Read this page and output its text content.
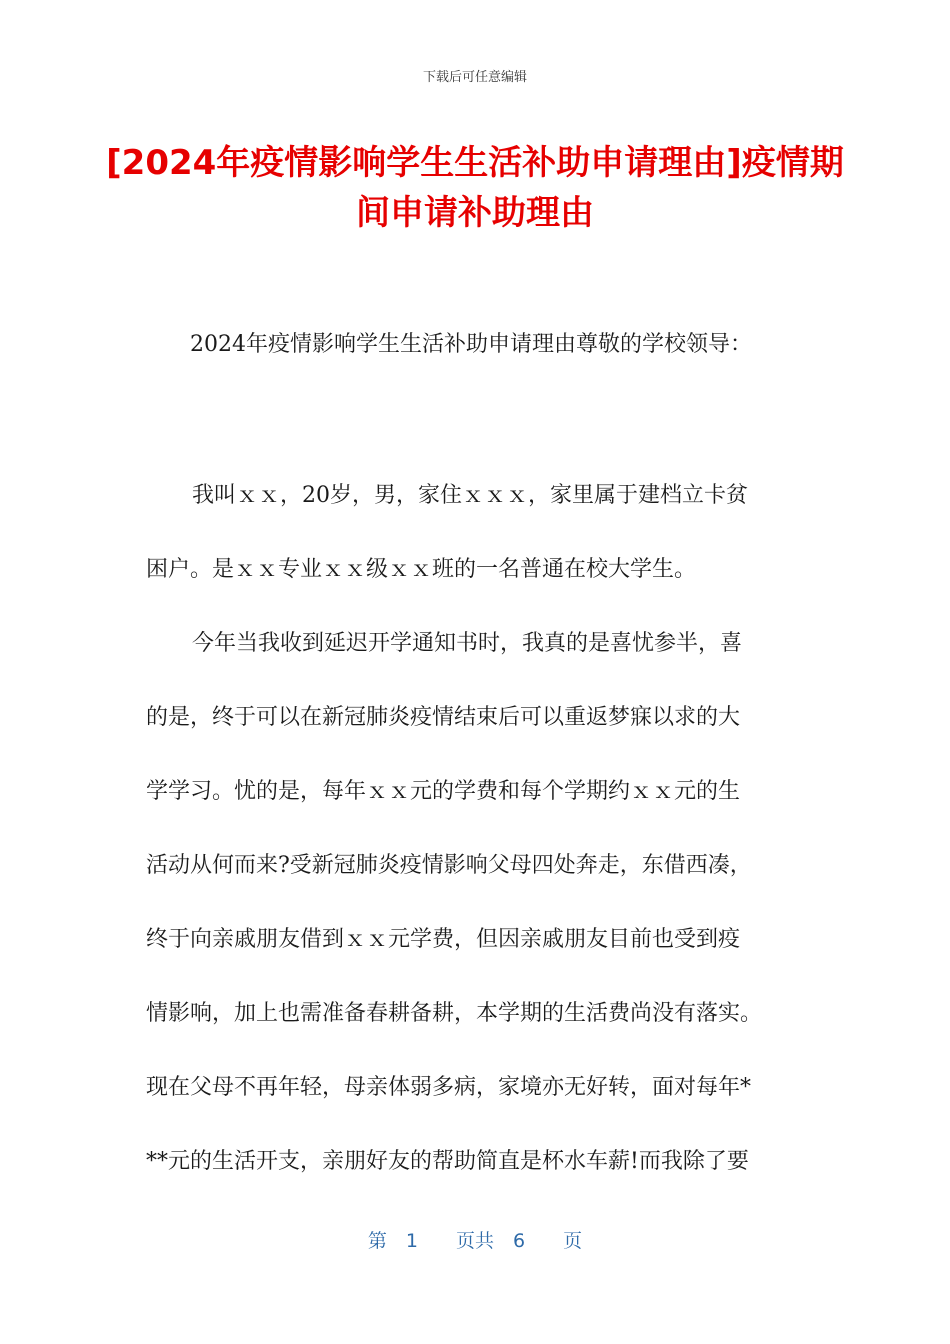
下载后可任意编辑
[2024年疫情影响学生生活补助申请理由]疫情期间申请补助理由

2024年疫情影响学生生活补助申请理由尊敬的学校领导：

我叫ｘｘ，20岁，男，家住ｘｘｘ，家里属于建档立卡贫

困户。是ｘｘ专业ｘｘ级ｘｘ班的一名普通在校大学生。

今年当我收到延迟开学通知书时，我真的是喜忧参半，喜

的是，终于可以在新冠肺炎疫情结束后可以重返梦寐以求的大

学学习。忧的是，每年ｘｘ元的学费和每个学期约ｘｘ元的生

活动从何而来?受新冠肺炎疫情影响父母四处奔走，东借西凑，

终于向亲戚朋友借到ｘｘ元学费，但因亲戚朋友目前也受到疫

情影响，加上也需准备春耕备耕，本学期的生活费尚没有落实。

现在父母不再年轻，母亲体弱多病，家境亦无好转，面对每年*

**元的生活开支，亲朋好友的帮助简直是杯水车薪!而我除了要

第　1　　页共　6　　页
